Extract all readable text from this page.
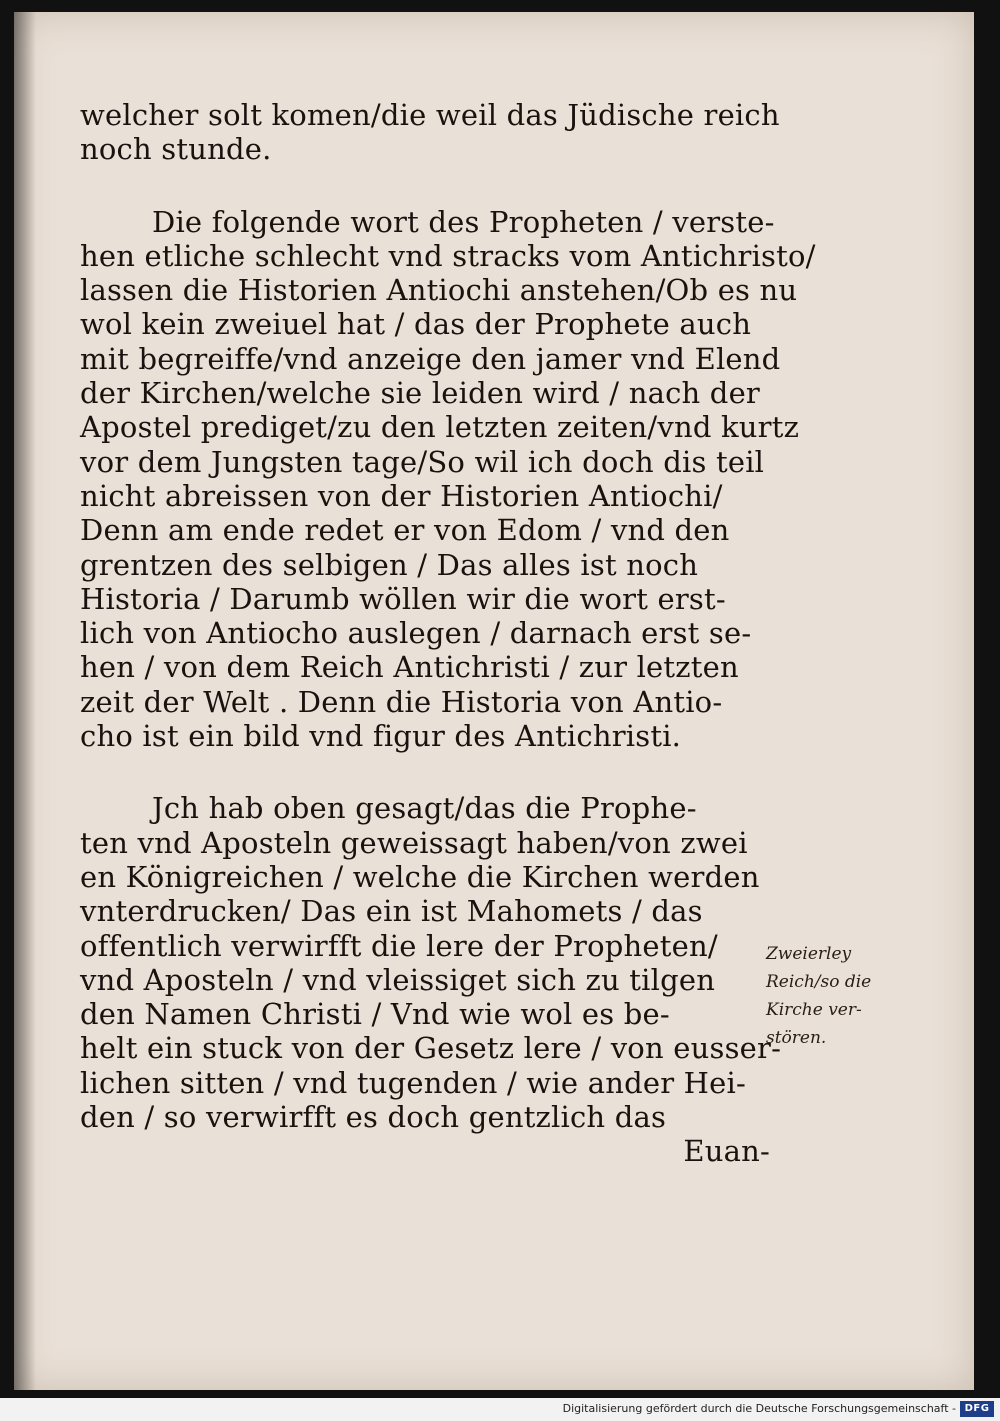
welcher solt komen/die weil das Jüdische reich
noch stunde.

Die folgende wort des Propheten / verste-
hen etliche schlecht vnd stracks vom Antichristo/
lassen die Historien Antiochi anstehen/Ob es nu
wol kein zweiuel hat / das der Prophete auch
mit begreiffe/vnd anzeige den jamer vnd Elend
der Kirchen/welche sie leiden wird / nach der
Apostel prediget/zu den letzten zeiten/vnd kurtz
vor dem Jungsten tage/So wil ich doch dis teil
nicht abreissen von der Historien Antiochi/
Denn am ende redet er von Edom / vnd den
grentzen des selbigen / Das alles ist noch
Historia / Darumb wöllen wir die wort erst-
lich von Antiocho auslegen / darnach erst se-
hen / von dem Reich Antichristi / zur letzten
zeit der Welt . Denn die Historia von Antio-
cho ist ein bild vnd figur des Antichristi.

Jch hab oben gesagt/das die Prophe-
ten vnd Aposteln geweissagt haben/von zwei
en Königreichen / welche die Kirchen werden
vnterdrucken/ Das ein ist Mahomets / das
offentlich verwirfft die lere der Propheten/
vnd Aposteln / vnd vleissiget sich zu tilgen
den Namen Christi / Vnd wie wol es be-
helt ein stuck von der Gesetz lere / von eusser-
lichen sitten / vnd tugenden / wie ander Hei-
den / so verwirfft es doch gentzlich das
Euan-

Zweierley
Reich/so die
Kirche ver-
stören.
Digitalisierung gefördert durch die Deutsche Forschungsgemeinschaft - DFG
